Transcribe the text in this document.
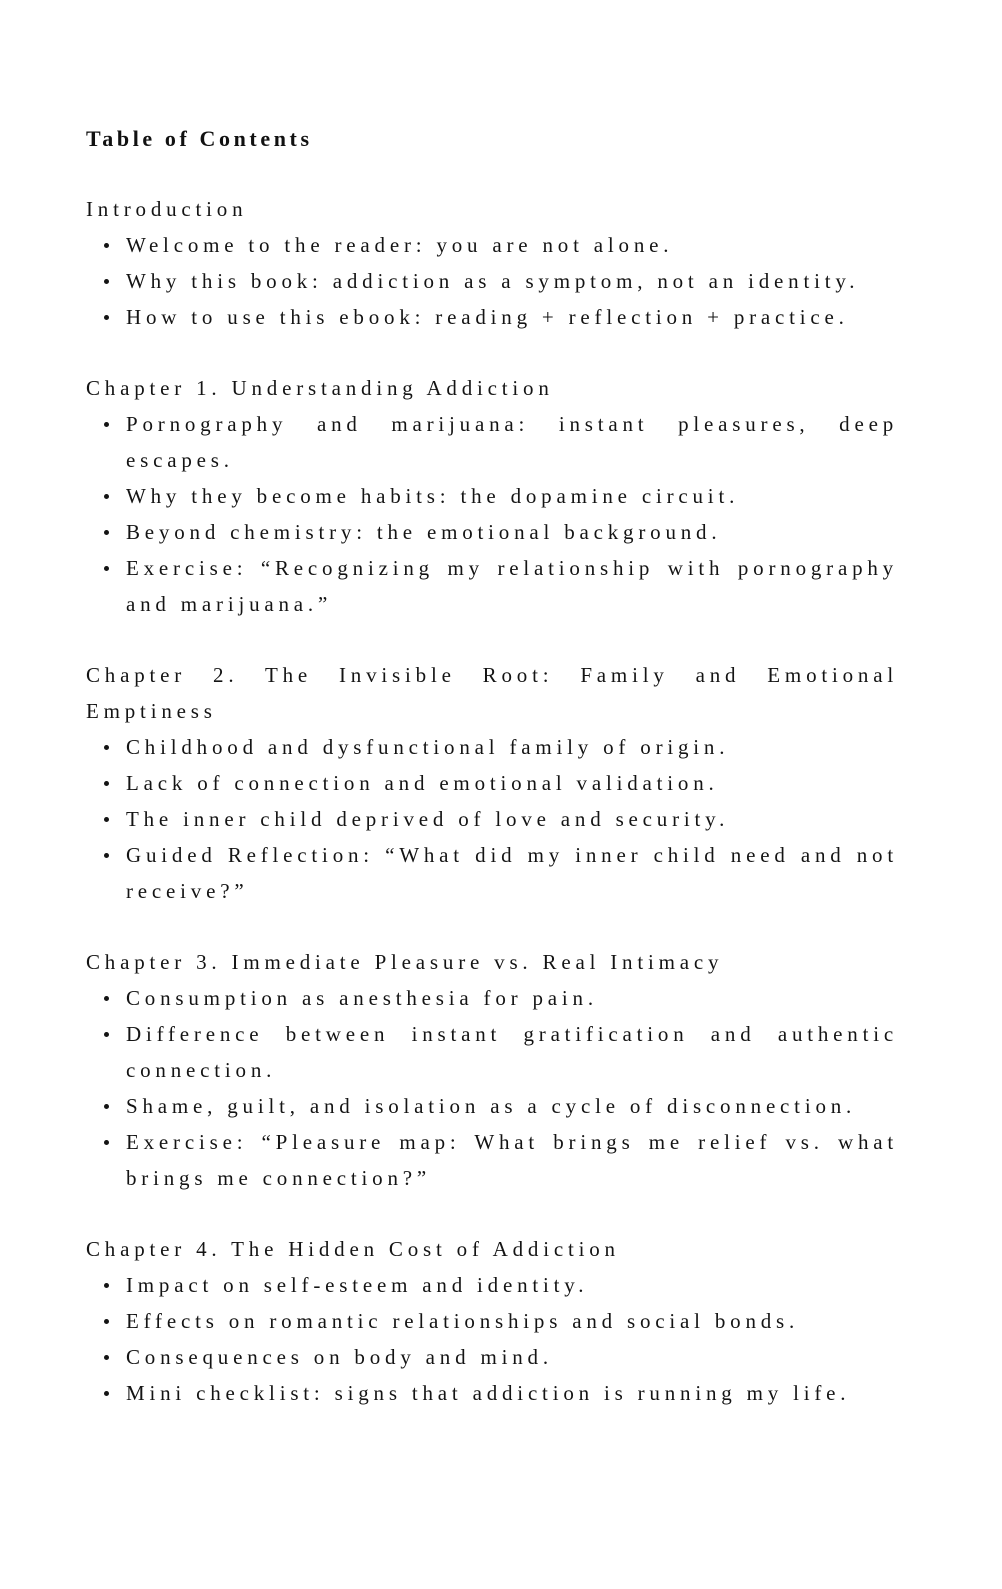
Table of Contents
Introduction
Welcome to the reader: you are not alone.
Why this book: addiction as a symptom, not an identity.
How to use this ebook: reading + reflection + practice.
Chapter 1. Understanding Addiction
Pornography and marijuana: instant pleasures, deep escapes.
Why they become habits: the dopamine circuit.
Beyond chemistry: the emotional background.
Exercise: “Recognizing my relationship with pornography and marijuana.”
Chapter 2. The Invisible Root: Family and Emotional Emptiness
Childhood and dysfunctional family of origin.
Lack of connection and emotional validation.
The inner child deprived of love and security.
Guided Reflection: “What did my inner child need and not receive?”
Chapter 3. Immediate Pleasure vs. Real Intimacy
Consumption as anesthesia for pain.
Difference between instant gratification and authentic connection.
Shame, guilt, and isolation as a cycle of disconnection.
Exercise: “Pleasure map: What brings me relief vs. what brings me connection?”
Chapter 4. The Hidden Cost of Addiction
Impact on self-esteem and identity.
Effects on romantic relationships and social bonds.
Consequences on body and mind.
Mini checklist: signs that addiction is running my life.
